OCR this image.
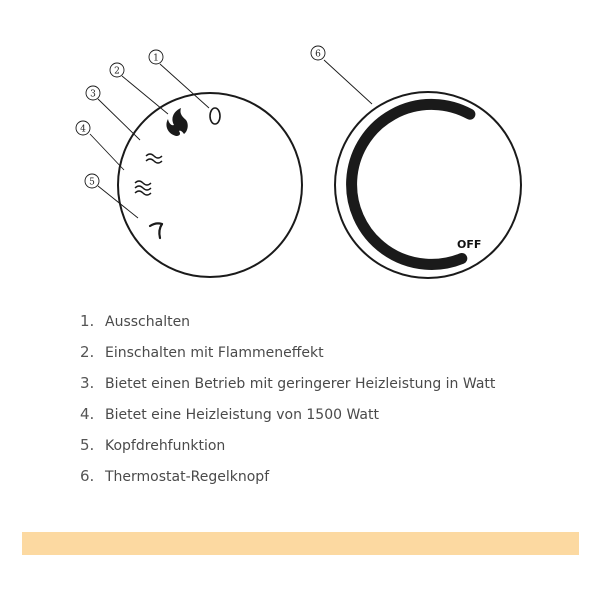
1
2
3
4
5
6
OFF
1. Ausschalten
2. Einschalten mit Flammeneffekt
3. Bietet einen Betrieb mit geringerer Heizleistung in Watt
4. Bietet eine Heizleistung von 1500 Watt
5. Kopfdrehfunktion
6. Thermostat-Regelknopf
